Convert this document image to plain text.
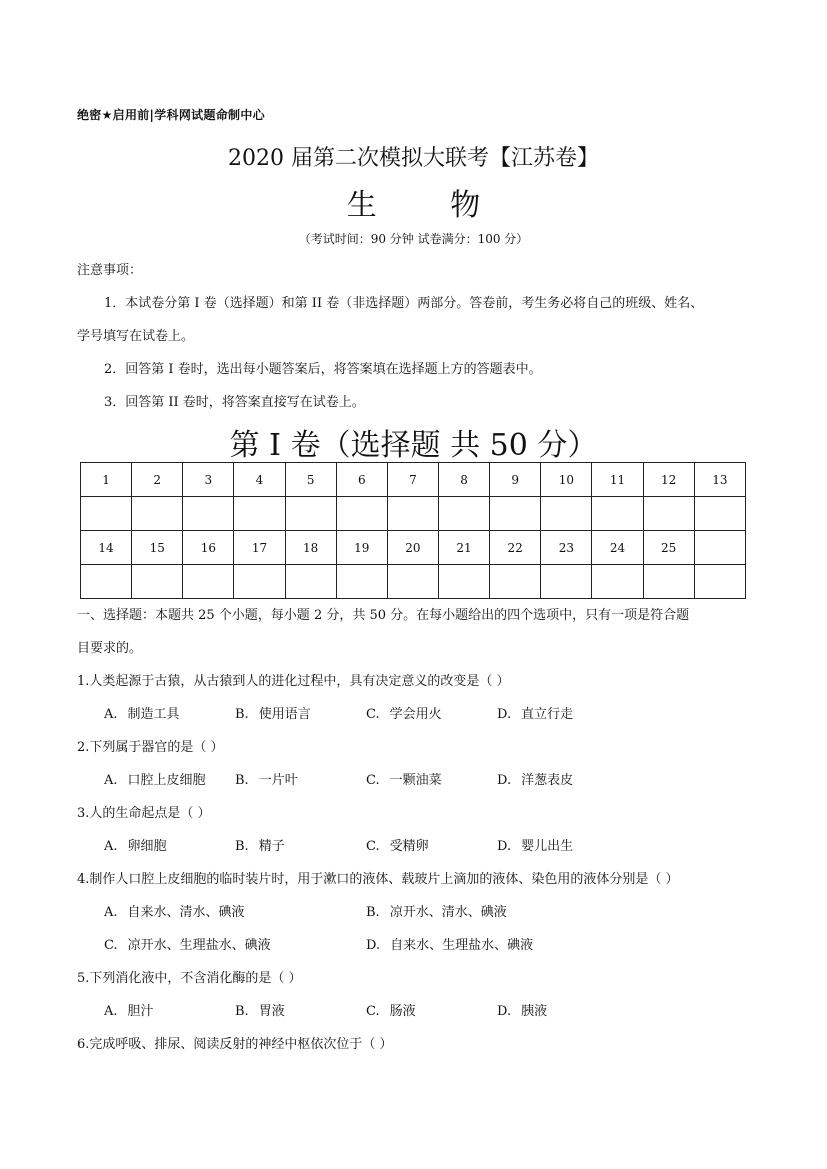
绝密★启用前|学科网试题命制中心
2020 届第二次模拟大联考【江苏卷】
生 物
（考试时间：90 分钟 试卷满分：100 分）
注意事项：
1．本试卷分第 I 卷（选择题）和第 II 卷（非选择题）两部分。答卷前，考生务必将自己的班级、姓名、
学号填写在试卷上。
2．回答第 I 卷时，选出每小题答案后，将答案填在选择题上方的答题表中。
3．回答第 II 卷时，将答案直接写在试卷上。
第 I 卷（选择题 共 50 分）
1	2	3	4	5	6	7	8	9	10	11	12	13

14	15	16	17	18	19	20	21	22	23	24	25	

一、选择题：本题共 25 个小题，每小题 2 分，共 50 分。在每小题给出的四个选项中，只有一项是符合题
目要求的。
1.人类起源于古猿，从古猿到人的进化过程中，具有决定意义的改变是（ ）
A. 制造工具	B. 使用语言	C. 学会用火	D. 直立行走
2.下列属于器官的是（ ）
A. 口腔上皮细胞 B. 一片叶	C. 一颗油菜	D. 洋葱表皮
3.人的生命起点是（ ）
A. 卵细胞	B. 精子	C. 受精卵	D. 婴儿出生
4.制作人口腔上皮细胞的临时装片时，用于漱口的液体、载玻片上滴加的液体、染色用的液体分别是（ ）
A. 自来水、清水、碘液	B. 凉开水、清水、碘液
C. 凉开水、生理盐水、碘液	D. 自来水、生理盐水、碘液
5.下列消化液中，不含消化酶的是（ ）
A. 胆汁	B. 胃液	C. 肠液	D. 胰液
6.完成呼吸、排尿、阅读反射的神经中枢依次位于（ ）
